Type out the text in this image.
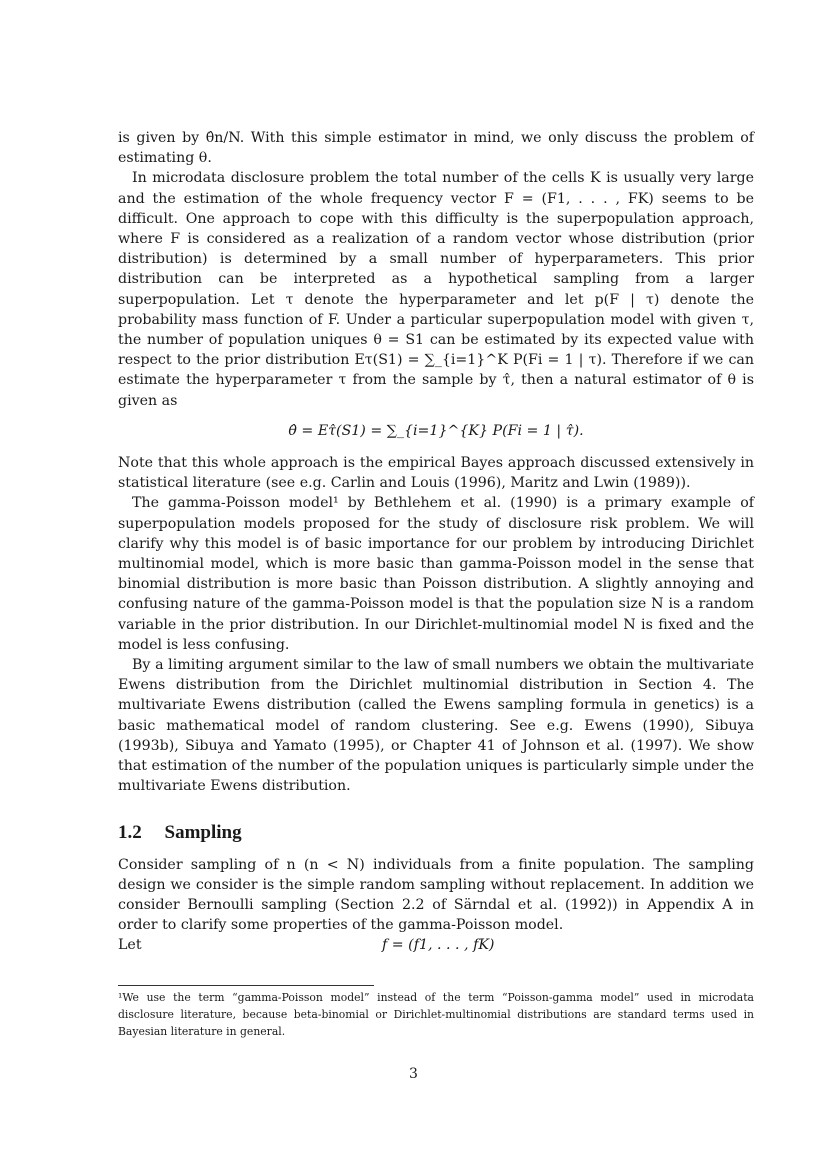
is given by θ̂n/N. With this simple estimator in mind, we only discuss the problem of estimating θ.

In microdata disclosure problem the total number of the cells K is usually very large and the estimation of the whole frequency vector F = (F1, . . . , FK) seems to be difficult. One approach to cope with this difficulty is the superpopulation approach, where F is considered as a realization of a random vector whose distribution (prior distribution) is determined by a small number of hyperparameters. This prior distribution can be interpreted as a hypothetical sampling from a larger superpopulation. Let τ denote the hyperparameter and let p(F | τ) denote the probability mass function of F. Under a particular superpopulation model with given τ, the number of population uniques θ = S1 can be estimated by its expected value with respect to the prior distribution Eτ(S1) = ∑_{i=1}^K P(Fi = 1 | τ). Therefore if we can estimate the hyperparameter τ from the sample by τ̂, then a natural estimator of θ is given as

θ̂ = Eτ̂(S1) = ∑_{i=1}^{K} P(Fi = 1 | τ̂).

Note that this whole approach is the empirical Bayes approach discussed extensively in statistical literature (see e.g. Carlin and Louis (1996), Maritz and Lwin (1989)).

The gamma-Poisson model¹ by Bethlehem et al. (1990) is a primary example of superpopulation models proposed for the study of disclosure risk problem. We will clarify why this model is of basic importance for our problem by introducing Dirichlet multinomial model, which is more basic than gamma-Poisson model in the sense that binomial distribution is more basic than Poisson distribution. A slightly annoying and confusing nature of the gamma-Poisson model is that the population size N is a random variable in the prior distribution. In our Dirichlet-multinomial model N is fixed and the model is less confusing.

By a limiting argument similar to the law of small numbers we obtain the multivariate Ewens distribution from the Dirichlet multinomial distribution in Section 4. The multivariate Ewens distribution (called the Ewens sampling formula in genetics) is a basic mathematical model of random clustering. See e.g. Ewens (1990), Sibuya (1993b), Sibuya and Yamato (1995), or Chapter 41 of Johnson et al. (1997). We show that estimation of the number of the population uniques is particularly simple under the multivariate Ewens distribution.

1.2 Sampling

Consider sampling of n (n < N) individuals from a finite population. The sampling design we consider is the simple random sampling without replacement. In addition we consider Bernoulli sampling (Section 2.2 of Särndal et al. (1992)) in Appendix A in order to clarify some properties of the gamma-Poisson model.

Let	f = (f1, . . . , fK)
¹We use the term “gamma-Poisson model” instead of the term “Poisson-gamma model” used in microdata disclosure literature, because beta-binomial or Dirichlet-multinomial distributions are standard terms used in Bayesian literature in general.
3
